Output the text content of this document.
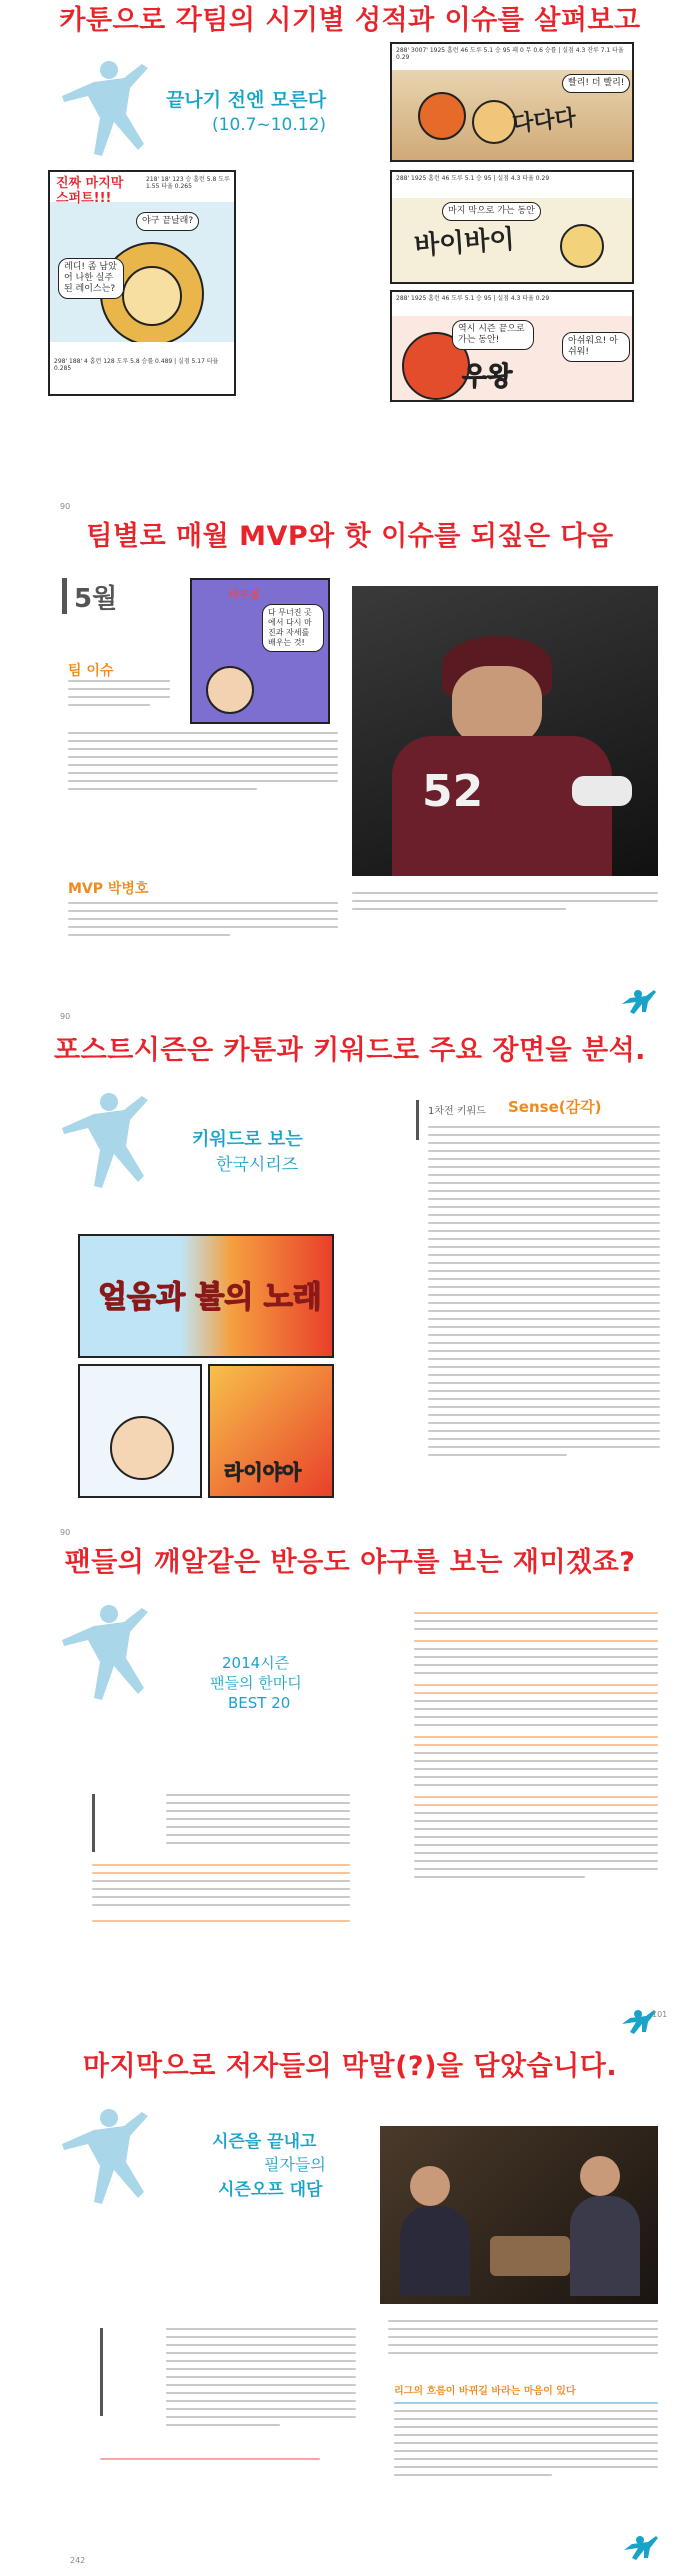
카툰으로 각팀의 시기별 성적과 이슈를 살펴보고
끝나기 전엔 모른다
(10.7~10.12)
288' 3007' 1925 홈런 46 도루 5.1 승 95 패 0 무 0.6 승률 | 실점 4.3 잔루 7.1 타율 0.29
다다다
빨리! 더 빨리!
진짜 마지막 스퍼트!!!
218' 18' 123 승 홈런 5.8 도루 1.55 타율 0.265
야구 끝날래?
레디! 좀 남았어 나한 실주된 레이스는?
298' 188' 4 홈런 128 도루 5.8 승률 0.489 | 실점 5.17 타율 0.285
288' 1925 홈런 46 도루 5.1 승 95 | 실점 4.3 타율 0.29
바이바이
마지 막으로 가는 동안
288' 1925 홈런 46 도루 5.1 승 95 | 실점 4.3 타율 0.29
우왕
역시 시즌 끝으로 가는 동안!	아쉬워요! 아쉬워!
90
팀별로 매월 MVP와 핫 이슈를 되짚은 다음
5월
팀 이슈
사루심
다 무너진 곳에서 다시 마진과 자세를 배우는 것!
MVP 박병호
52
90
포스트시즌은 카툰과 키워드로 주요 장면을 분석.
키워드로 보는
한국시리즈
얼음과 불의 노래
라이야아
1차전 키워드 Sense(감각)
90
팬들의 깨알같은 반응도 야구를 보는 재미겠죠?
2014시즌
팬들의 한마디
BEST 20
101
마지막으로 저자들의 막말(?)을 담았습니다.
시즌을 끝내고
필자들의
시즌오프 대담
리그의 흐름이 바뀌길 바라는 마음이 있다
242
